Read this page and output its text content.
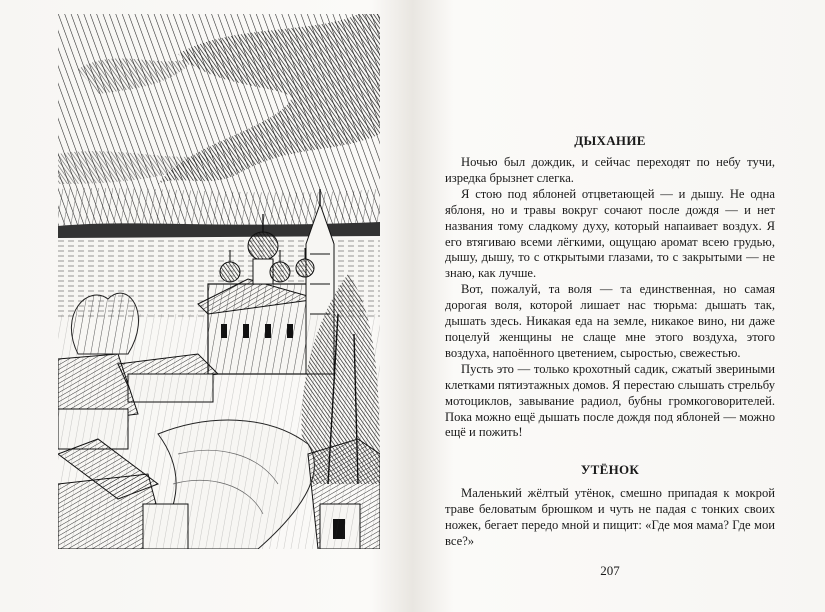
ДЫХАНИЕ

Ночью был дождик, и сейчас переходят по небу тучи, изредка брызнет слегка.

Я стою под яблоней отцветающей — и дышу. Не одна яблоня, но и травы вокруг сочают после дождя — и нет названия тому сладкому духу, который напаивает воздух. Я его втягиваю всеми лёгкими, ощущаю аромат всею грудью, дышу, дышу, то с открытыми глазами, то с закрытыми — не знаю, как лучше.

Вот, пожалуй, та воля — та единственная, но самая дорогая воля, которой лишает нас тюрьма: дышать так, дышать здесь. Никакая еда на земле, никакое вино, ни даже поцелуй женщины не слаще мне этого воздуха, этого воздуха, напоённого цветением, сыростью, свежестью.

Пусть это — только крохотный садик, сжатый звериными клетками пятиэтажных домов. Я перестаю слышать стрельбу мотоциклов, завывание радиол, бубны громкоговорителей. Пока можно ещё дышать после дождя под яблоней — можно ещё и пожить!

УТЁНОК

Маленький жёлтый утёнок, смешно припадая к мокрой траве беловатым брюшком и чуть не падая с тонких своих ножек, бегает передо мной и пищит: «Где моя мама? Где мои все?»

207
